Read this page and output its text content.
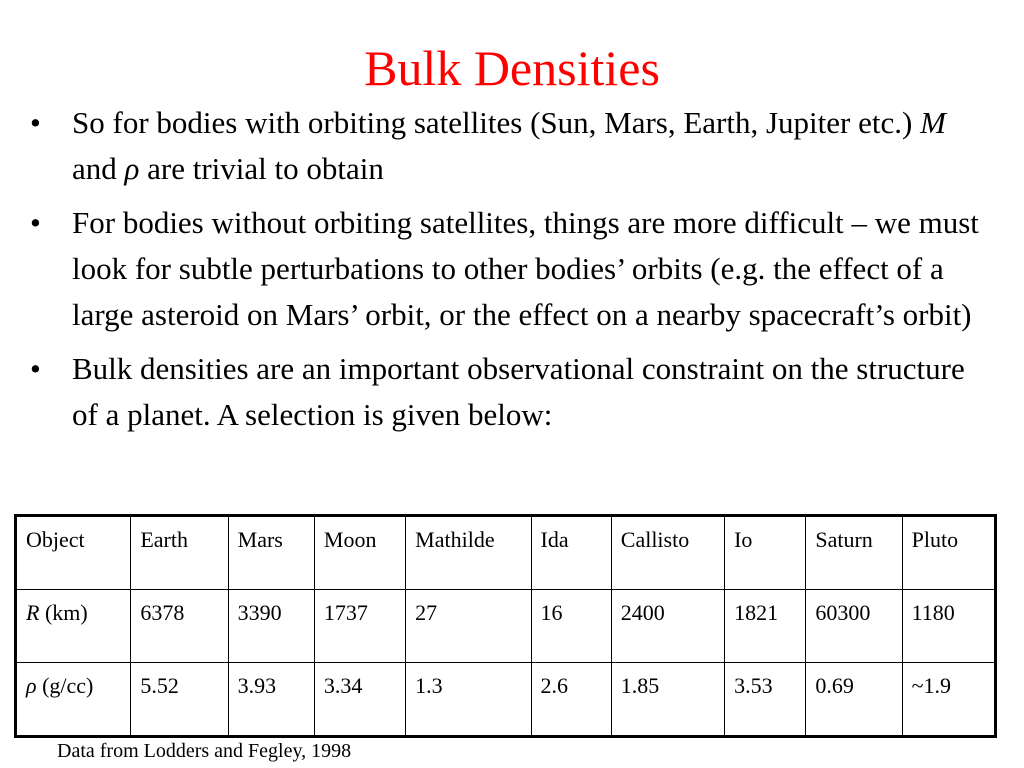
Bulk Densities
• So for bodies with orbiting satellites (Sun, Mars, Earth, Jupiter etc.) M and ρ are trivial to obtain
• For bodies without orbiting satellites, things are more difficult – we must look for subtle perturbations to other bodies’ orbits (e.g. the effect of a large asteroid on Mars’ orbit, or the effect on a nearby spacecraft’s orbit)
• Bulk densities are an important observational constraint on the structure of a planet. A selection is given below:
Object	Earth	Mars	Moon	Mathilde	Ida	Callisto	Io	Saturn	Pluto
R (km)	6378	3390	1737	27	16	2400	1821	60300	1180
ρ (g/cc)	5.52	3.93	3.34	1.3	2.6	1.85	3.53	0.69	~1.9
Data from Lodders and Fegley, 1998
